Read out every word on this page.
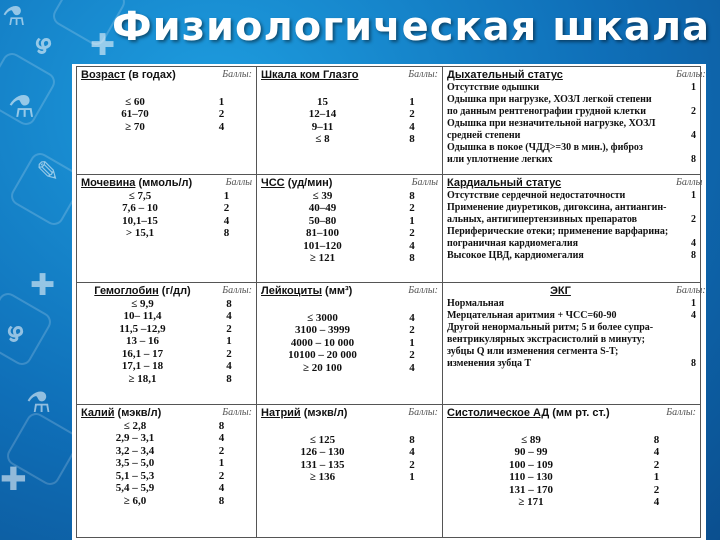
⚗
ഴ ✚
⚗
✎
✚
ഴ
⚗
✚
Физиологическая шкала
Возраст (в годах)	Баллы:

≤ 60	1
61–70	2
≥ 70	4

Шкала ком Глазго	Баллы:

15	1
12–14	2
9–11	4
≤ 8	8

Дыхательный статус	Баллы:
Отсутствие одышки	1
Одышка при нагрузке, ХОЗЛ легкой степени	
по данным рентгенографии грудной клетки	2
Одышка при незначительной нагрузке, ХОЗЛ	
средней степени	4
Одышка в покое (ЧДД>=30 в мин.), фиброз	
или уплотнение легких	8

Мочевина (ммоль/л)	Баллы
≤ 7,5	1
7,6 – 10	2
10,1–15	4
> 15,1	8

ЧСС (уд/мин)	Баллы
≤ 39	8
40–49	2
50–80	1
81–100	2
101–120	4
≥ 121	8

Кардиальный статус	Баллы
Отсутствие сердечной недостаточности	1
Применение диуретиков, дигоксина, антиангин-	
альных, антигипертензивных препаратов	2
Периферические отеки; применение варфарина;	
пограничная кардиомегалия	4
Высокое ЦВД, кардиомегалия	8

Гемоглобин (г/дл)	Баллы:
≤ 9,9	8
10– 11,4	4
11,5 –12,9	2
13 – 16	1
16,1 – 17	2
17,1 – 18	4
≥ 18,1	8

Лейкоциты (мм³)	Баллы:

≤ 3000	4
3100 – 3999	2
4000 – 10 000	1
10100 – 20 000	2
≥ 20 100	4

ЭКГ	Баллы:
Нормальная	1
Мерцательная аритмия + ЧСС=60-90	4
Другой ненормальный ритм; 5 и более супра-	
вентрикулярных экстрасистолий в минуту;	
зубцы Q или изменения сегмента S-T;	
изменения зубца T	8

Калий (мэкв/л)	Баллы:
≤ 2,8	8
2,9 – 3,1	4
3,2 – 3,4	2
3,5 – 5,0	1
5,1 – 5,3	2
5,4 – 5,9	4
≥ 6,0	8

Натрий (мэкв/л)	Баллы:

≤ 125	8
126 – 130	4
131 – 135	2
≥ 136	1

Систолическое АД (мм рт. ст.)	Баллы:

≤ 89	8
90 – 99	4
100 – 109	2
110 – 130	1
131 – 170	2
≥ 171	4
